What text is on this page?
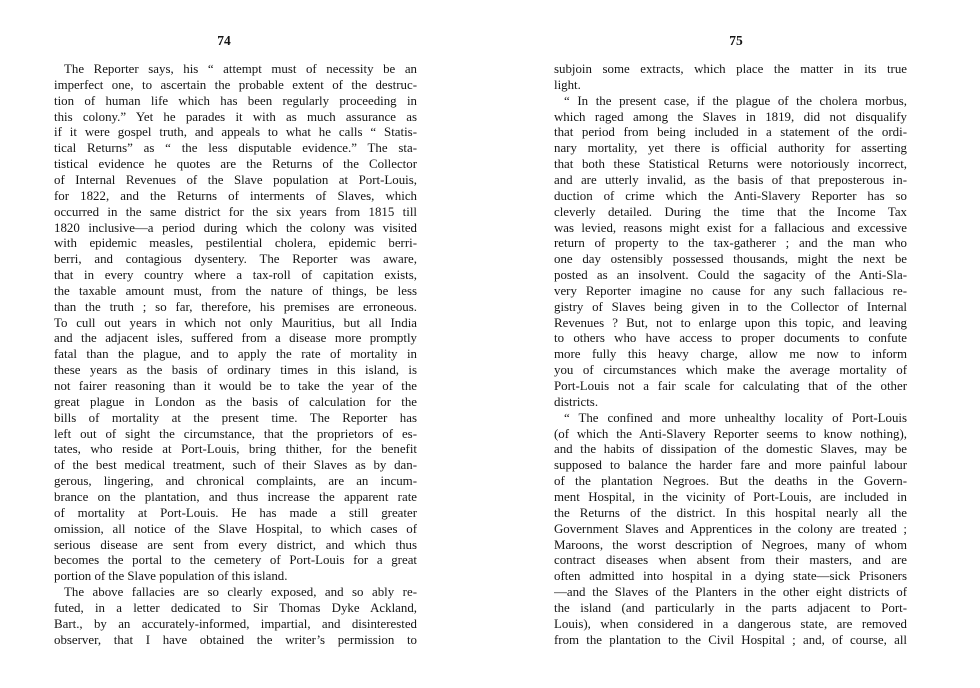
74
The Reporter says, his “ attempt must of necessity be an
imperfect one, to ascertain the probable extent of the destruc-
tion of human life which has been regularly proceeding in
this colony.” Yet he parades it with as much assurance as
if it were gospel truth, and appeals to what he calls “ Statis-
tical Returns” as “ the less disputable evidence.” The sta-
tistical evidence he quotes are the Returns of the Collector
of Internal Revenues of the Slave population at Port-Louis,
for 1822, and the Returns of interments of Slaves, which
occurred in the same district for the six years from 1815 till
1820 inclusive—a period during which the colony was visited
with epidemic measles, pestilential cholera, epidemic berri-
berri, and contagious dysentery. The Reporter was aware,
that in every country where a tax-roll of capitation exists,
the taxable amount must, from the nature of things, be less
than the truth ; so far, therefore, his premises are erroneous.
To cull out years in which not only Mauritius, but all India
and the adjacent isles, suffered from a disease more promptly
fatal than the plague, and to apply the rate of mortality in
these years as the basis of ordinary times in this island, is
not fairer reasoning than it would be to take the year of the
great plague in London as the basis of calculation for the
bills of mortality at the present time. The Reporter has
left out of sight the circumstance, that the proprietors of es-
tates, who reside at Port-Louis, bring thither, for the benefit
of the best medical treatment, such of their Slaves as by dan-
gerous, lingering, and chronical complaints, are an incum-
brance on the plantation, and thus increase the apparent rate
of mortality at Port-Louis. He has made a still greater
omission, all notice of the Slave Hospital, to which cases of
serious disease are sent from every district, and which thus
becomes the portal to the cemetery of Port-Louis for a great
portion of the Slave population of this island.
The above fallacies are so clearly exposed, and so ably re-
futed, in a letter dedicated to Sir Thomas Dyke Ackland,
Bart., by an accurately-informed, impartial, and disinterested
observer, that I have obtained the writer’s permission to
75
subjoin some extracts, which place the matter in its true
light.
“ In the present case, if the plague of the cholera morbus,
which raged among the Slaves in 1819, did not disqualify
that period from being included in a statement of the ordi-
nary mortality, yet there is official authority for asserting
that both these Statistical Returns were notoriously incorrect,
and are utterly invalid, as the basis of that preposterous in-
duction of crime which the Anti-Slavery Reporter has so
cleverly detailed. During the time that the Income Tax
was levied, reasons might exist for a fallacious and excessive
return of property to the tax-gatherer ; and the man who
one day ostensibly possessed thousands, might the next be
posted as an insolvent. Could the sagacity of the Anti-Sla-
very Reporter imagine no cause for any such fallacious re-
gistry of Slaves being given in to the Collector of Internal
Revenues ? But, not to enlarge upon this topic, and leaving
to others who have access to proper documents to confute
more fully this heavy charge, allow me now to inform
you of circumstances which make the average mortality of
Port-Louis not a fair scale for calculating that of the other
districts.
“ The confined and more unhealthy locality of Port-Louis
(of which the Anti-Slavery Reporter seems to know nothing),
and the habits of dissipation of the domestic Slaves, may be
supposed to balance the harder fare and more painful labour
of the plantation Negroes. But the deaths in the Govern-
ment Hospital, in the vicinity of Port-Louis, are included in
the Returns of the district. In this hospital nearly all the
Government Slaves and Apprentices in the colony are treated ;
Maroons, the worst description of Negroes, many of whom
contract diseases when absent from their masters, and are
often admitted into hospital in a dying state—sick Prisoners
—and the Slaves of the Planters in the other eight districts of
the island (and particularly in the parts adjacent to Port-
Louis), when considered in a dangerous state, are removed
from the plantation to the Civil Hospital ; and, of course, all
